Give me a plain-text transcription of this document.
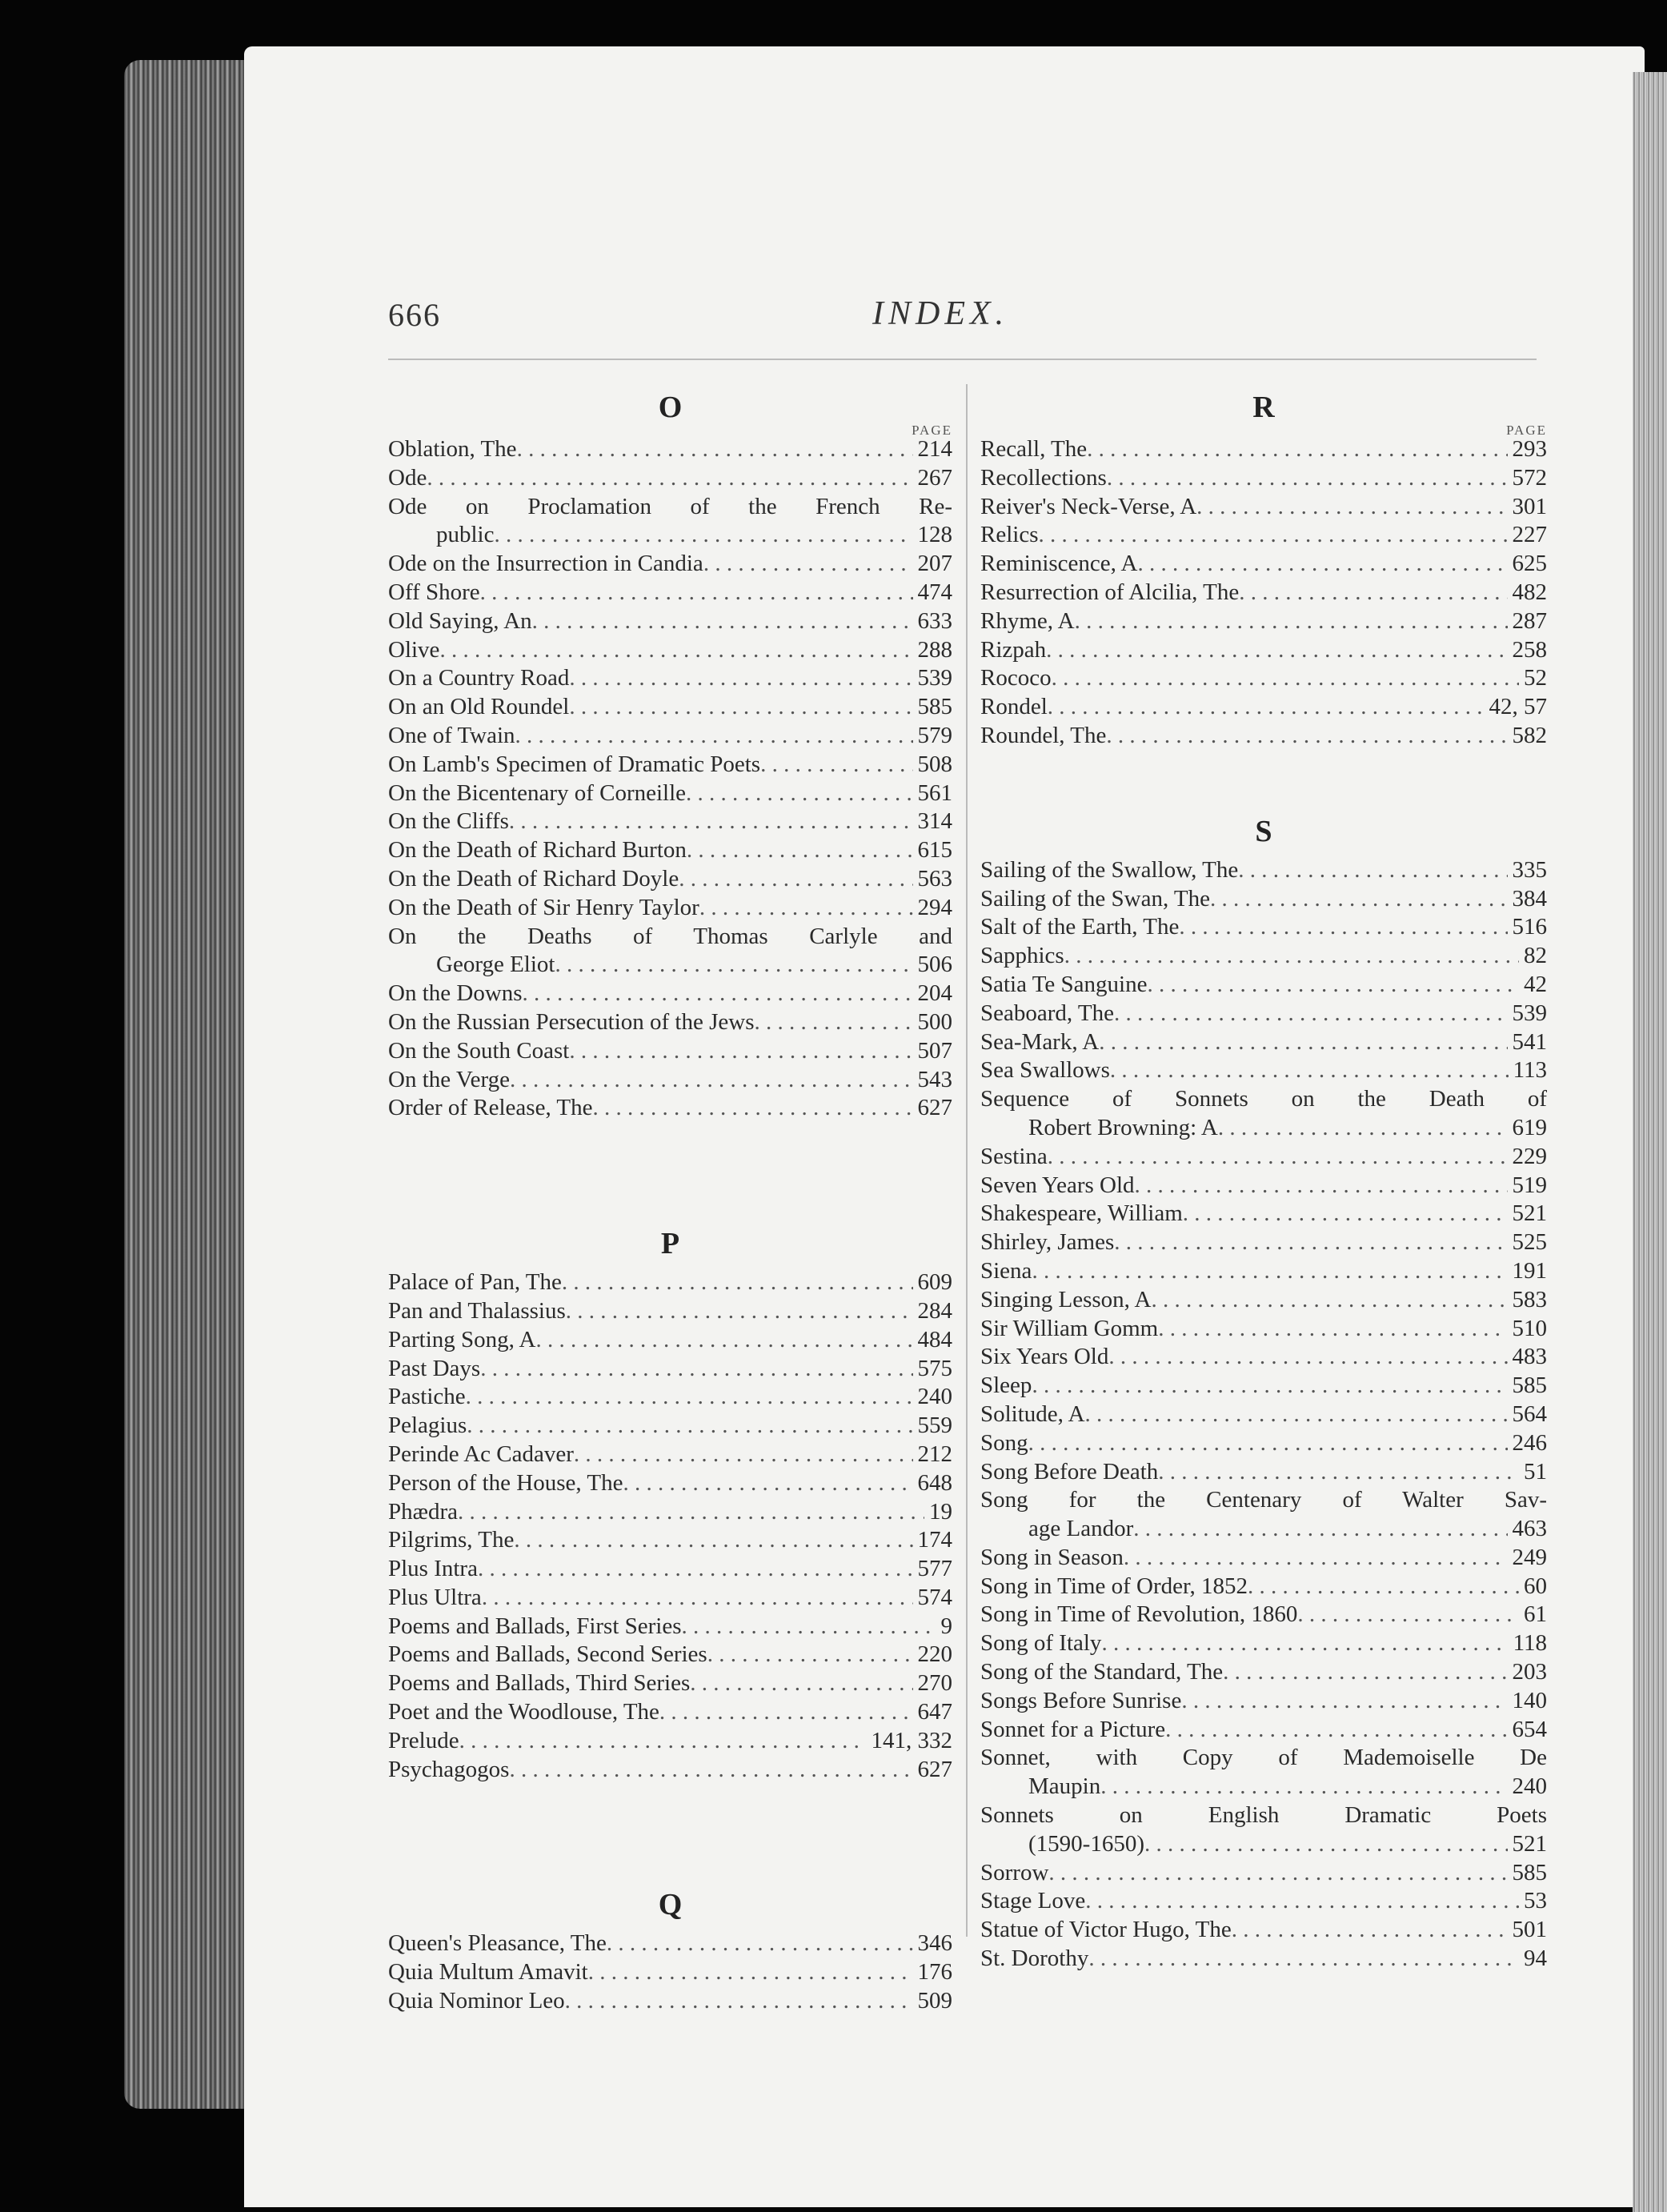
666	INDEX.
O
PAGE
Oblation, The . . .	214
Ode . . .	267
Ode on Proclamation of the French Re-
public . . .	128
Ode on the Insurrection in Candia . . .	207
Off Shore . . .	474
Old Saying, An . . .	633
Olive . . .	288
On a Country Road . . .	539
On an Old Roundel . . .	585
One of Twain . . .	579
On Lamb's Specimen of Dramatic Poets . . .	508
On the Bicentenary of Corneille . . .	561
On the Cliffs . . .	314
On the Death of Richard Burton . . .	615
On the Death of Richard Doyle . . .	563
On the Death of Sir Henry Taylor . . .	294
On the Deaths of Thomas Carlyle and
George Eliot . . .	506
On the Downs . . .	204
On the Russian Persecution of the Jews . . .	500
On the South Coast . . .	507
On the Verge . . .	543
Order of Release, The . . .	627
P
Palace of Pan, The . . .	609
Pan and Thalassius . . .	284
Parting Song, A . . .	484
Past Days . . .	575
Pastiche . . .	240
Pelagius . . .	559
Perinde Ac Cadaver . . .	212
Person of the House, The . . .	648
Phædra . . .	19
Pilgrims, The . . .	174
Plus Intra . . .	577
Plus Ultra . . .	574
Poems and Ballads, First Series . . .	9
Poems and Ballads, Second Series . . .	220
Poems and Ballads, Third Series . . .	270
Poet and the Woodlouse, The . . .	647
Prelude . . .	141, 332
Psychagogos . . .	627
Q
Queen's Pleasance, The . . .	346
Quia Multum Amavit . . .	176
Quia Nominor Leo . . .	509
R
PAGE
Recall, The . . .	293
Recollections . . .	572
Reiver's Neck-Verse, A . . .	301
Relics . . .	227
Reminiscence, A . . .	625
Resurrection of Alcilia, The . . .	482
Rhyme, A . . .	287
Rizpah . . .	258
Rococo . . .	52
Rondel . . .	42, 57
Roundel, The . . .	582
S
Sailing of the Swallow, The . . .	335
Sailing of the Swan, The . . .	384
Salt of the Earth, The . . .	516
Sapphics . . .	82
Satia Te Sanguine . . .	42
Seaboard, The . . .	539
Sea-Mark, A . . .	541
Sea Swallows . . .	113
Sequence of Sonnets on the Death of
Robert Browning: A . . .	619
Sestina . . .	229
Seven Years Old . . .	519
Shakespeare, William . . .	521
Shirley, James . . .	525
Siena . . .	191
Singing Lesson, A . . .	583
Sir William Gomm . . .	510
Six Years Old . . .	483
Sleep . . .	585
Solitude, A . . .	564
Song . . .	246
Song Before Death . . .	51
Song for the Centenary of Walter Sav-
age Landor . . .	463
Song in Season . . .	249
Song in Time of Order, 1852 . . .	60
Song in Time of Revolution, 1860 . . .	61
Song of Italy . . .	118
Song of the Standard, The . . .	203
Songs Before Sunrise . . .	140
Sonnet for a Picture . . .	654
Sonnet, with Copy of Mademoiselle De
Maupin . . .	240
Sonnets on English Dramatic Poets
(1590-1650) . . .	521
Sorrow . . .	585
Stage Love . . .	53
Statue of Victor Hugo, The . . .	501
St. Dorothy . . .	94
